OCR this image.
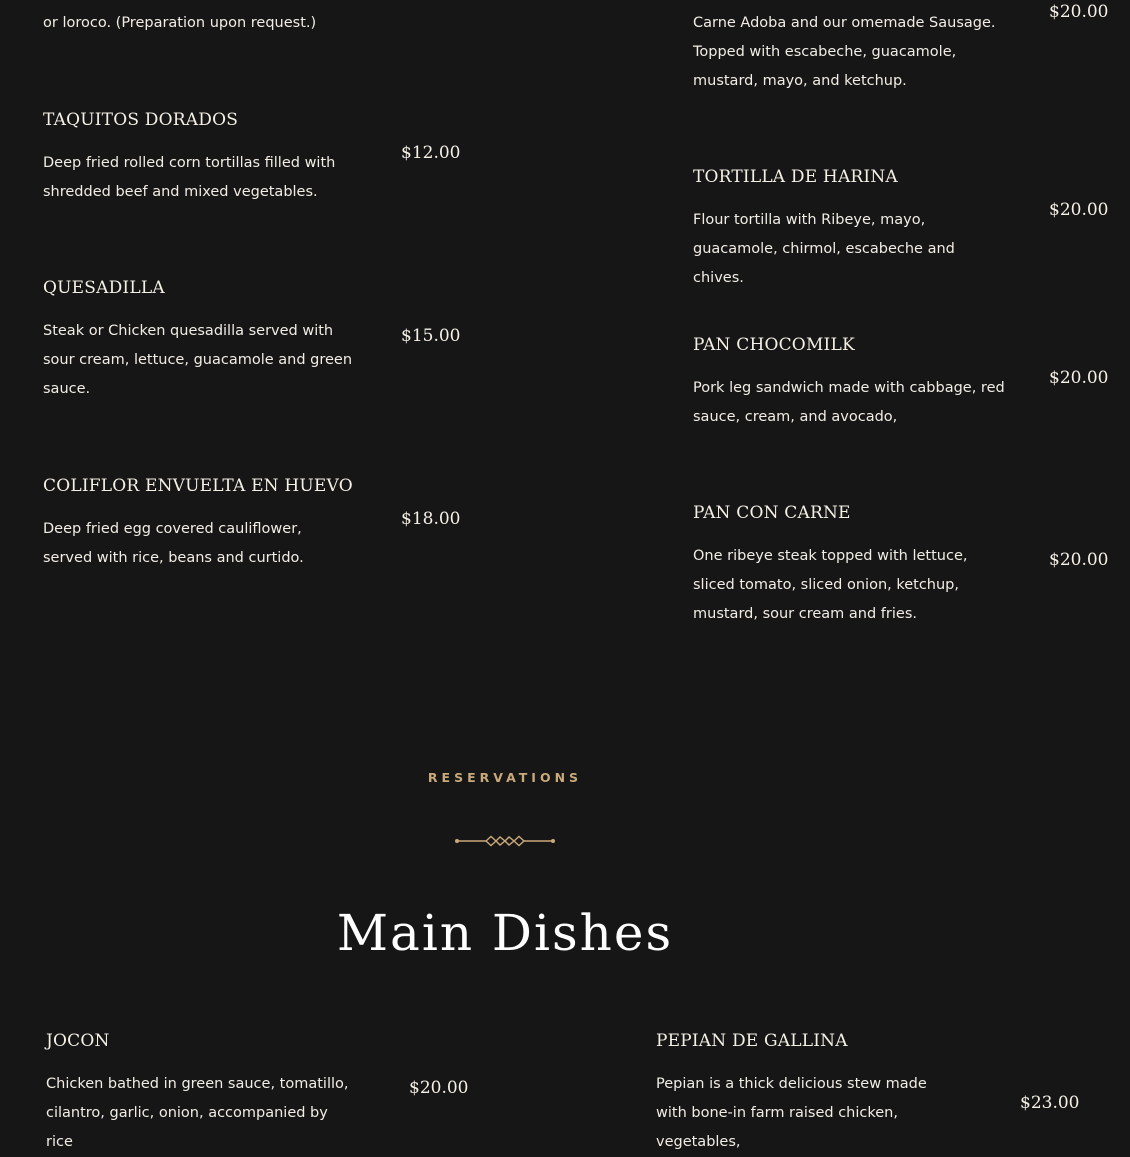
or loroco. (Preparation upon request.)
TAQUITOS DORADOS
Deep fried rolled corn tortillas filled with shredded beef and mixed vegetables.
$12.00
QUESADILLA
Steak or Chicken quesadilla served with sour cream, lettuce, guacamole and green sauce.
$15.00
COLIFLOR ENVUELTA EN HUEVO
Deep fried egg covered cauliflower, served with rice, beans and curtido.
$18.00
Carne Adoba and our omemade Sausage. Topped with escabeche, guacamole, mustard, mayo, and ketchup.
$20.00
TORTILLA DE HARINA
Flour tortilla with Ribeye, mayo, guacamole, chirmol, escabeche and chives.
$20.00
PAN CHOCOMILK
Pork leg sandwich made with cabbage, red sauce, cream, and avocado,
$20.00
PAN CON CARNE
One ribeye steak topped with lettuce, sliced tomato, sliced onion, ketchup, mustard, sour cream and fries.
$20.00
RESERVATIONS
Main Dishes
JOCON
Chicken bathed in green sauce, tomatillo, cilantro, garlic, onion, accompanied by rice
$20.00
PEPIAN DE GALLINA
Pepian is a thick delicious stew made with bone-in farm raised chicken, vegetables,
$23.00
